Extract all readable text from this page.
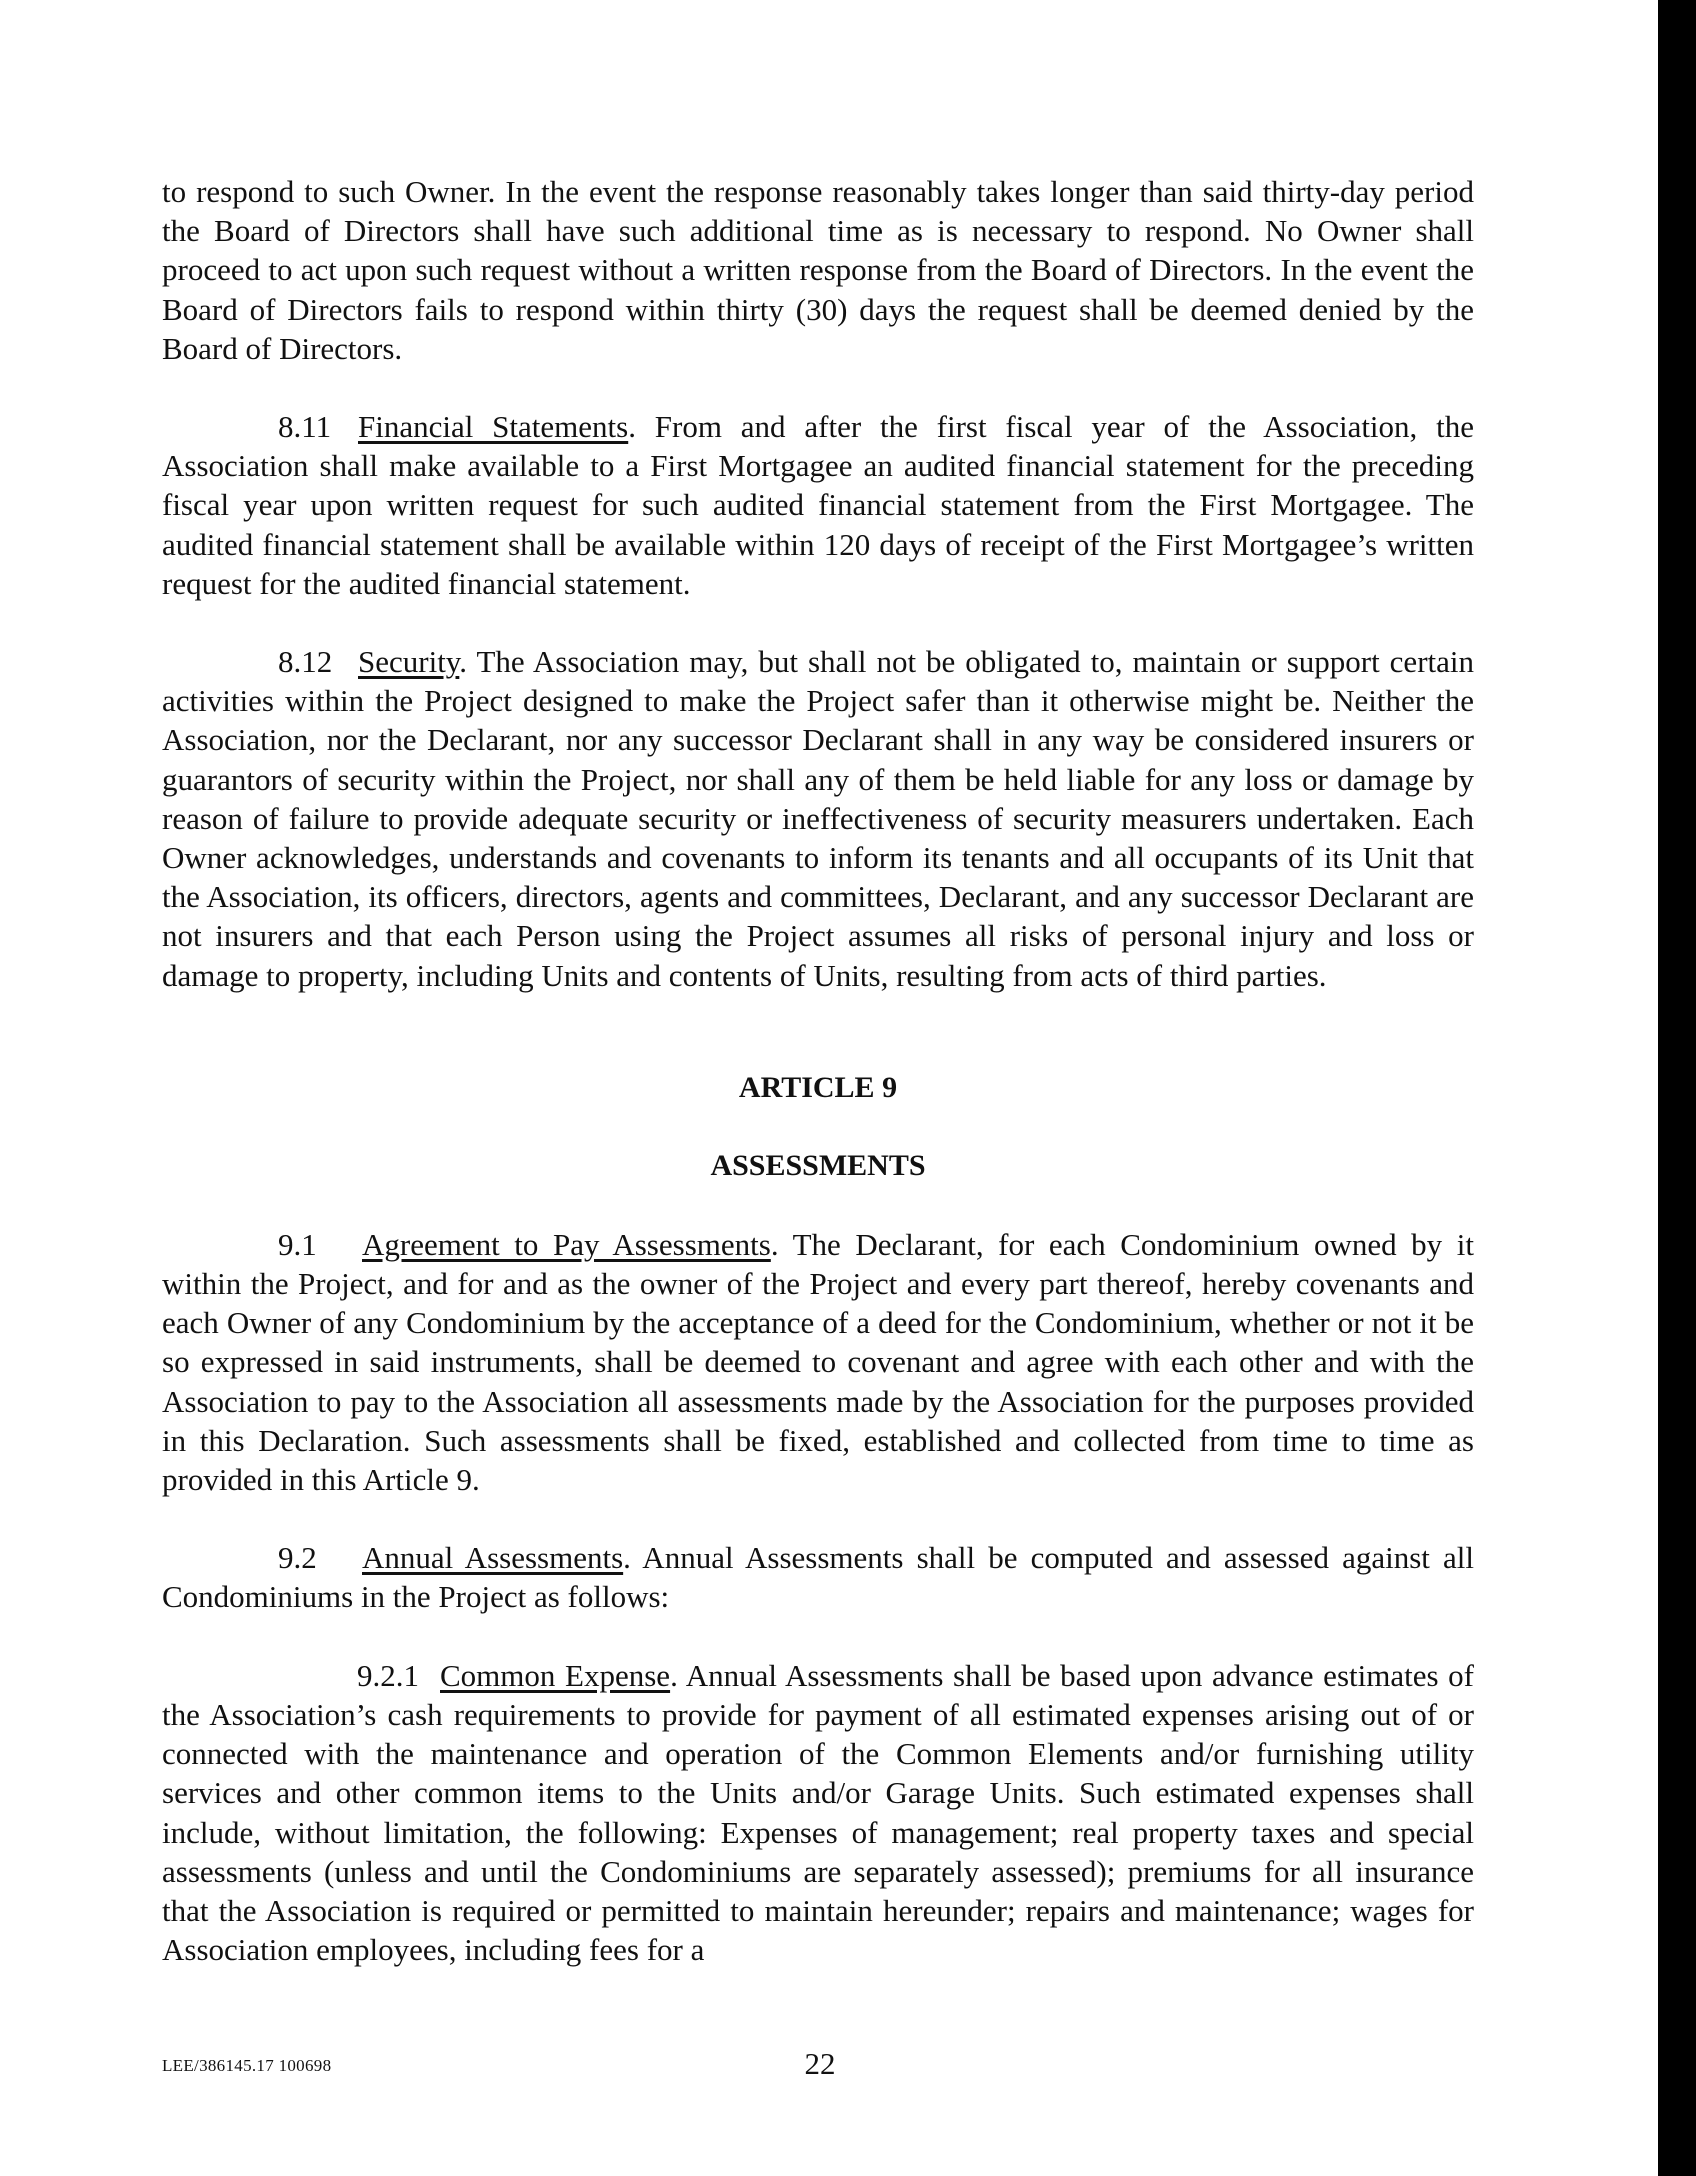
to respond to such Owner. In the event the response reasonably takes longer than said thirty-day period the Board of Directors shall have such additional time as is necessary to respond. No Owner shall proceed to act upon such request without a written response from the Board of Directors. In the event the Board of Directors fails to respond within thirty (30) days the request shall be deemed denied by the Board of Directors.

8.11 Financial Statements. From and after the first fiscal year of the Association, the Association shall make available to a First Mortgagee an audited financial statement for the preceding fiscal year upon written request for such audited financial statement from the First Mortgagee. The audited financial statement shall be available within 120 days of receipt of the First Mortgagee’s written request for the audited financial statement.

8.12 Security. The Association may, but shall not be obligated to, maintain or support certain activities within the Project designed to make the Project safer than it otherwise might be. Neither the Association, nor the Declarant, nor any successor Declarant shall in any way be considered insurers or guarantors of security within the Project, nor shall any of them be held liable for any loss or damage by reason of failure to provide adequate security or ineffectiveness of security measurers undertaken. Each Owner acknowledges, understands and covenants to inform its tenants and all occupants of its Unit that the Association, its officers, directors, agents and committees, Declarant, and any successor Declarant are not insurers and that each Person using the Project assumes all risks of personal injury and loss or damage to property, including Units and contents of Units, resulting from acts of third parties.

ARTICLE 9
ASSESSMENTS

9.1 Agreement to Pay Assessments. The Declarant, for each Condominium owned by it within the Project, and for and as the owner of the Project and every part thereof, hereby covenants and each Owner of any Condominium by the acceptance of a deed for the Condominium, whether or not it be so expressed in said instruments, shall be deemed to covenant and agree with each other and with the Association to pay to the Association all assessments made by the Association for the purposes provided in this Declaration. Such assessments shall be fixed, established and collected from time to time as provided in this Article 9.

9.2 Annual Assessments. Annual Assessments shall be computed and assessed against all Condominiums in the Project as follows:

9.2.1 Common Expense. Annual Assessments shall be based upon advance estimates of the Association’s cash requirements to provide for payment of all estimated expenses arising out of or connected with the maintenance and operation of the Common Elements and/or furnishing utility services and other common items to the Units and/or Garage Units. Such estimated expenses shall include, without limitation, the following: Expenses of management; real property taxes and special assessments (unless and until the Condominiums are separately assessed); premiums for all insurance that the Association is required or permitted to maintain hereunder; repairs and maintenance; wages for Association employees, including fees for a

LEE/386145.17 100698	22
